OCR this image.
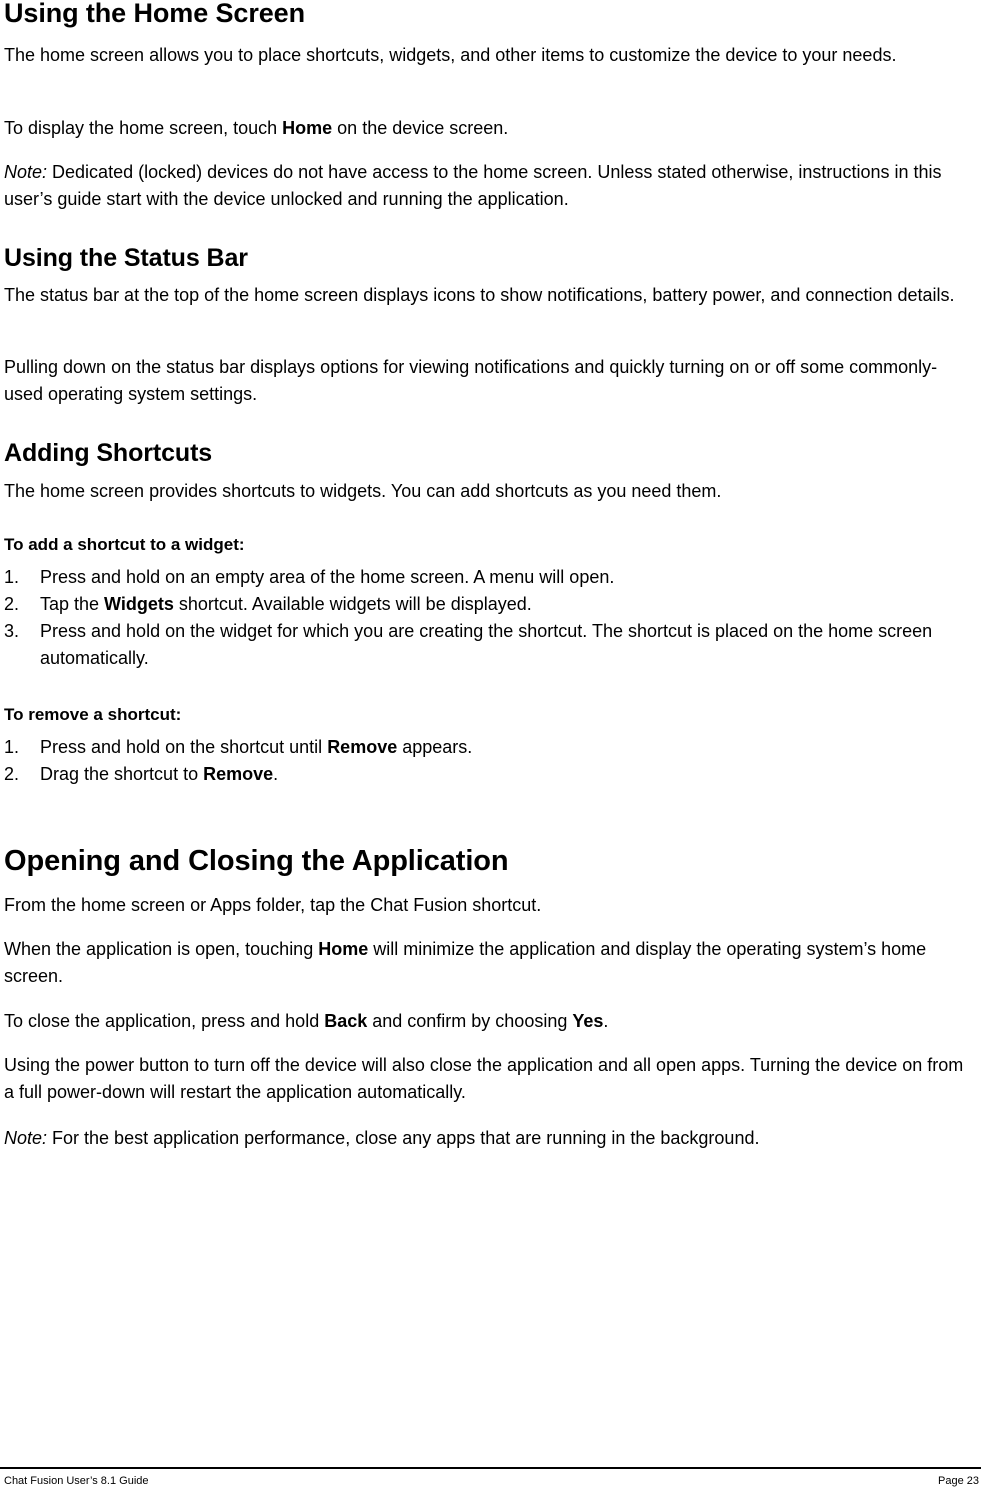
Using the Home Screen

The home screen allows you to place shortcuts, widgets, and other items to customize the device to your needs.

To display the home screen, touch Home on the device screen.

Note: Dedicated (locked) devices do not have access to the home screen. Unless stated otherwise, instructions in this user’s guide start with the device unlocked and running the application.

Using the Status Bar

The status bar at the top of the home screen displays icons to show notifications, battery power, and connection details.

Pulling down on the status bar displays options for viewing notifications and quickly turning on or off some commonly-used operating system settings.

Adding Shortcuts

The home screen provides shortcuts to widgets. You can add shortcuts as you need them.

To add a shortcut to a widget:
1. Press and hold on an empty area of the home screen. A menu will open.
2. Tap the Widgets shortcut. Available widgets will be displayed.
3. Press and hold on the widget for which you are creating the shortcut. The shortcut is placed on the home screen automatically.
To remove a shortcut:
1. Press and hold on the shortcut until Remove appears.
2. Drag the shortcut to Remove.
Opening and Closing the Application

From the home screen or Apps folder, tap the Chat Fusion shortcut.

When the application is open, touching Home will minimize the application and display the operating system’s home screen.

To close the application, press and hold Back and confirm by choosing Yes.

Using the power button to turn off the device will also close the application and all open apps. Turning the device on from a full power-down will restart the application automatically.

Note: For the best application performance, close any apps that are running in the background.

Chat Fusion User’s 8.1 Guide	Page 23
